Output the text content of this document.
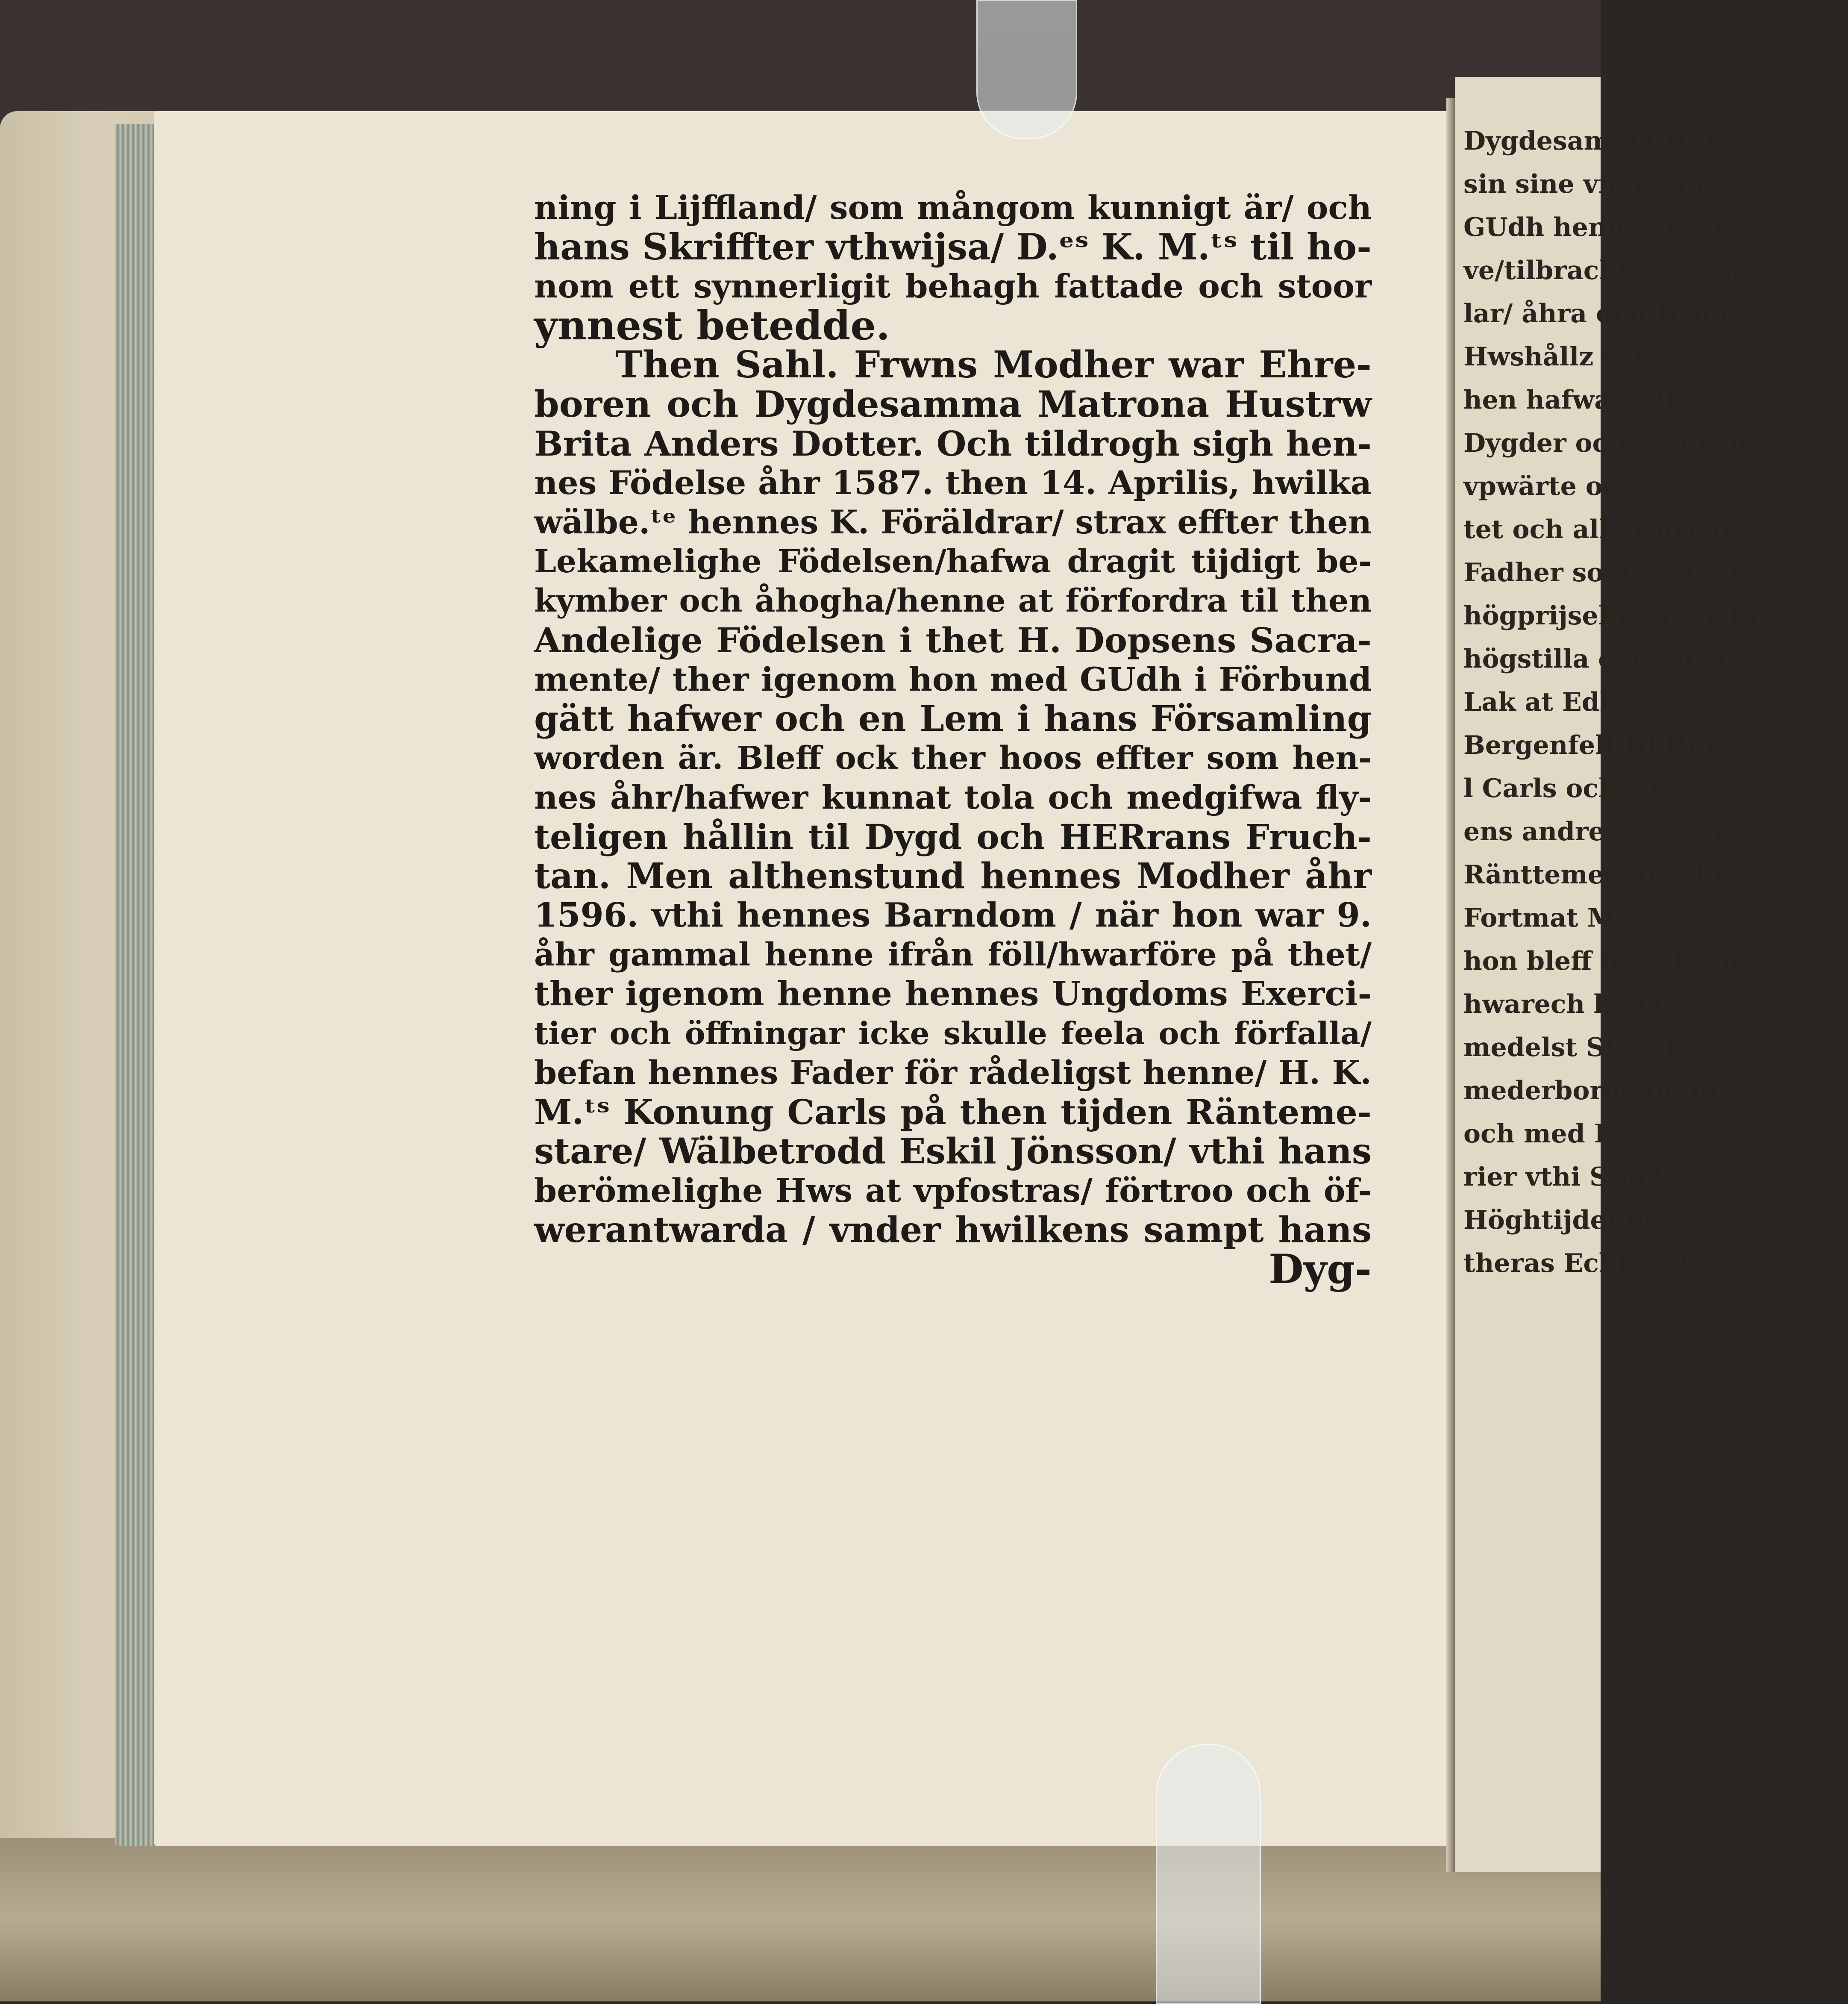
ning i Lijffland/ som mångom kunnigt är/ och
hans Skriffter vthwijsa/ D.ᵉˢ K. M.ᵗˢ til ho-
nom ett synnerligit behagh fattade och stoor
ynnest betedde.
Then Sahl. Frwns Modher war Ehre-
boren och Dygdesamma Matrona Hustrw
Brita Anders Dotter. Och tildrogh sigh hen-
nes Födelse åhr 1587. then 14. Aprilis, hwilka
wälbe.ᵗᵉ hennes K. Föräldrar/ strax effter then
Lekamelighe Födelsen/hafwa dragit tijdigt be-
kymber och åhogha/henne at förfordra til then
Andelige Födelsen i thet H. Dopsens Sacra-
mente/ ther igenom hon med GUdh i Förbund
gätt hafwer och en Lem i hans Församling
worden är. Bleff ock ther hoos effter som hen-
nes åhr/hafwer kunnat tola och medgifwa fly-
teligen hållin til Dygd och HERrans Fruch-
tan. Men althenstund hennes Modher åhr
1596. vthi hennes Barndom / när hon war 9.
åhr gammal henne ifrån föll/hwarföre på thet/
ther igenom henne hennes Ungdoms Exerci-
tier och öffningar icke skulle feela och förfalla/
befan hennes Fader för rådeligst henne/ H. K.
M.ᵗˢ Konung Carls på then tijden Ränteme-
stare/ Wälbetrodd Eskil Jönsson/ vthi hans
berömelighe Hws at vpfostras/ förtroo och öf-
werantwarda / vnder hwilkens sampt hans
Dyg-
Dygdesamma Hust
sin sine vnge åhr oc
GUdh henne vthi t
ve/tilbrachte/the th
lar/ åhra och Dygd
Hwshållz saker/ he
hen hafwa hållit /
Dygder och syslor b
vpwärte och tiltog t
tet och alle Christe
Fadher som en fädh
högprijseligen ansto
högstilla och alfwo
Lak at Edle och W
Bergenfelt til Bor
l Carls och sider
ens andres oc stor
Ränttemestare/ he
Fortmat Man igen
hon bleff bewekt he
hwarech begära/hw
medelst Slächt oc
mederborde godh v
och med Kyrkione
rier vthi Stock
Höghtijdelighen
theras Echtensk
